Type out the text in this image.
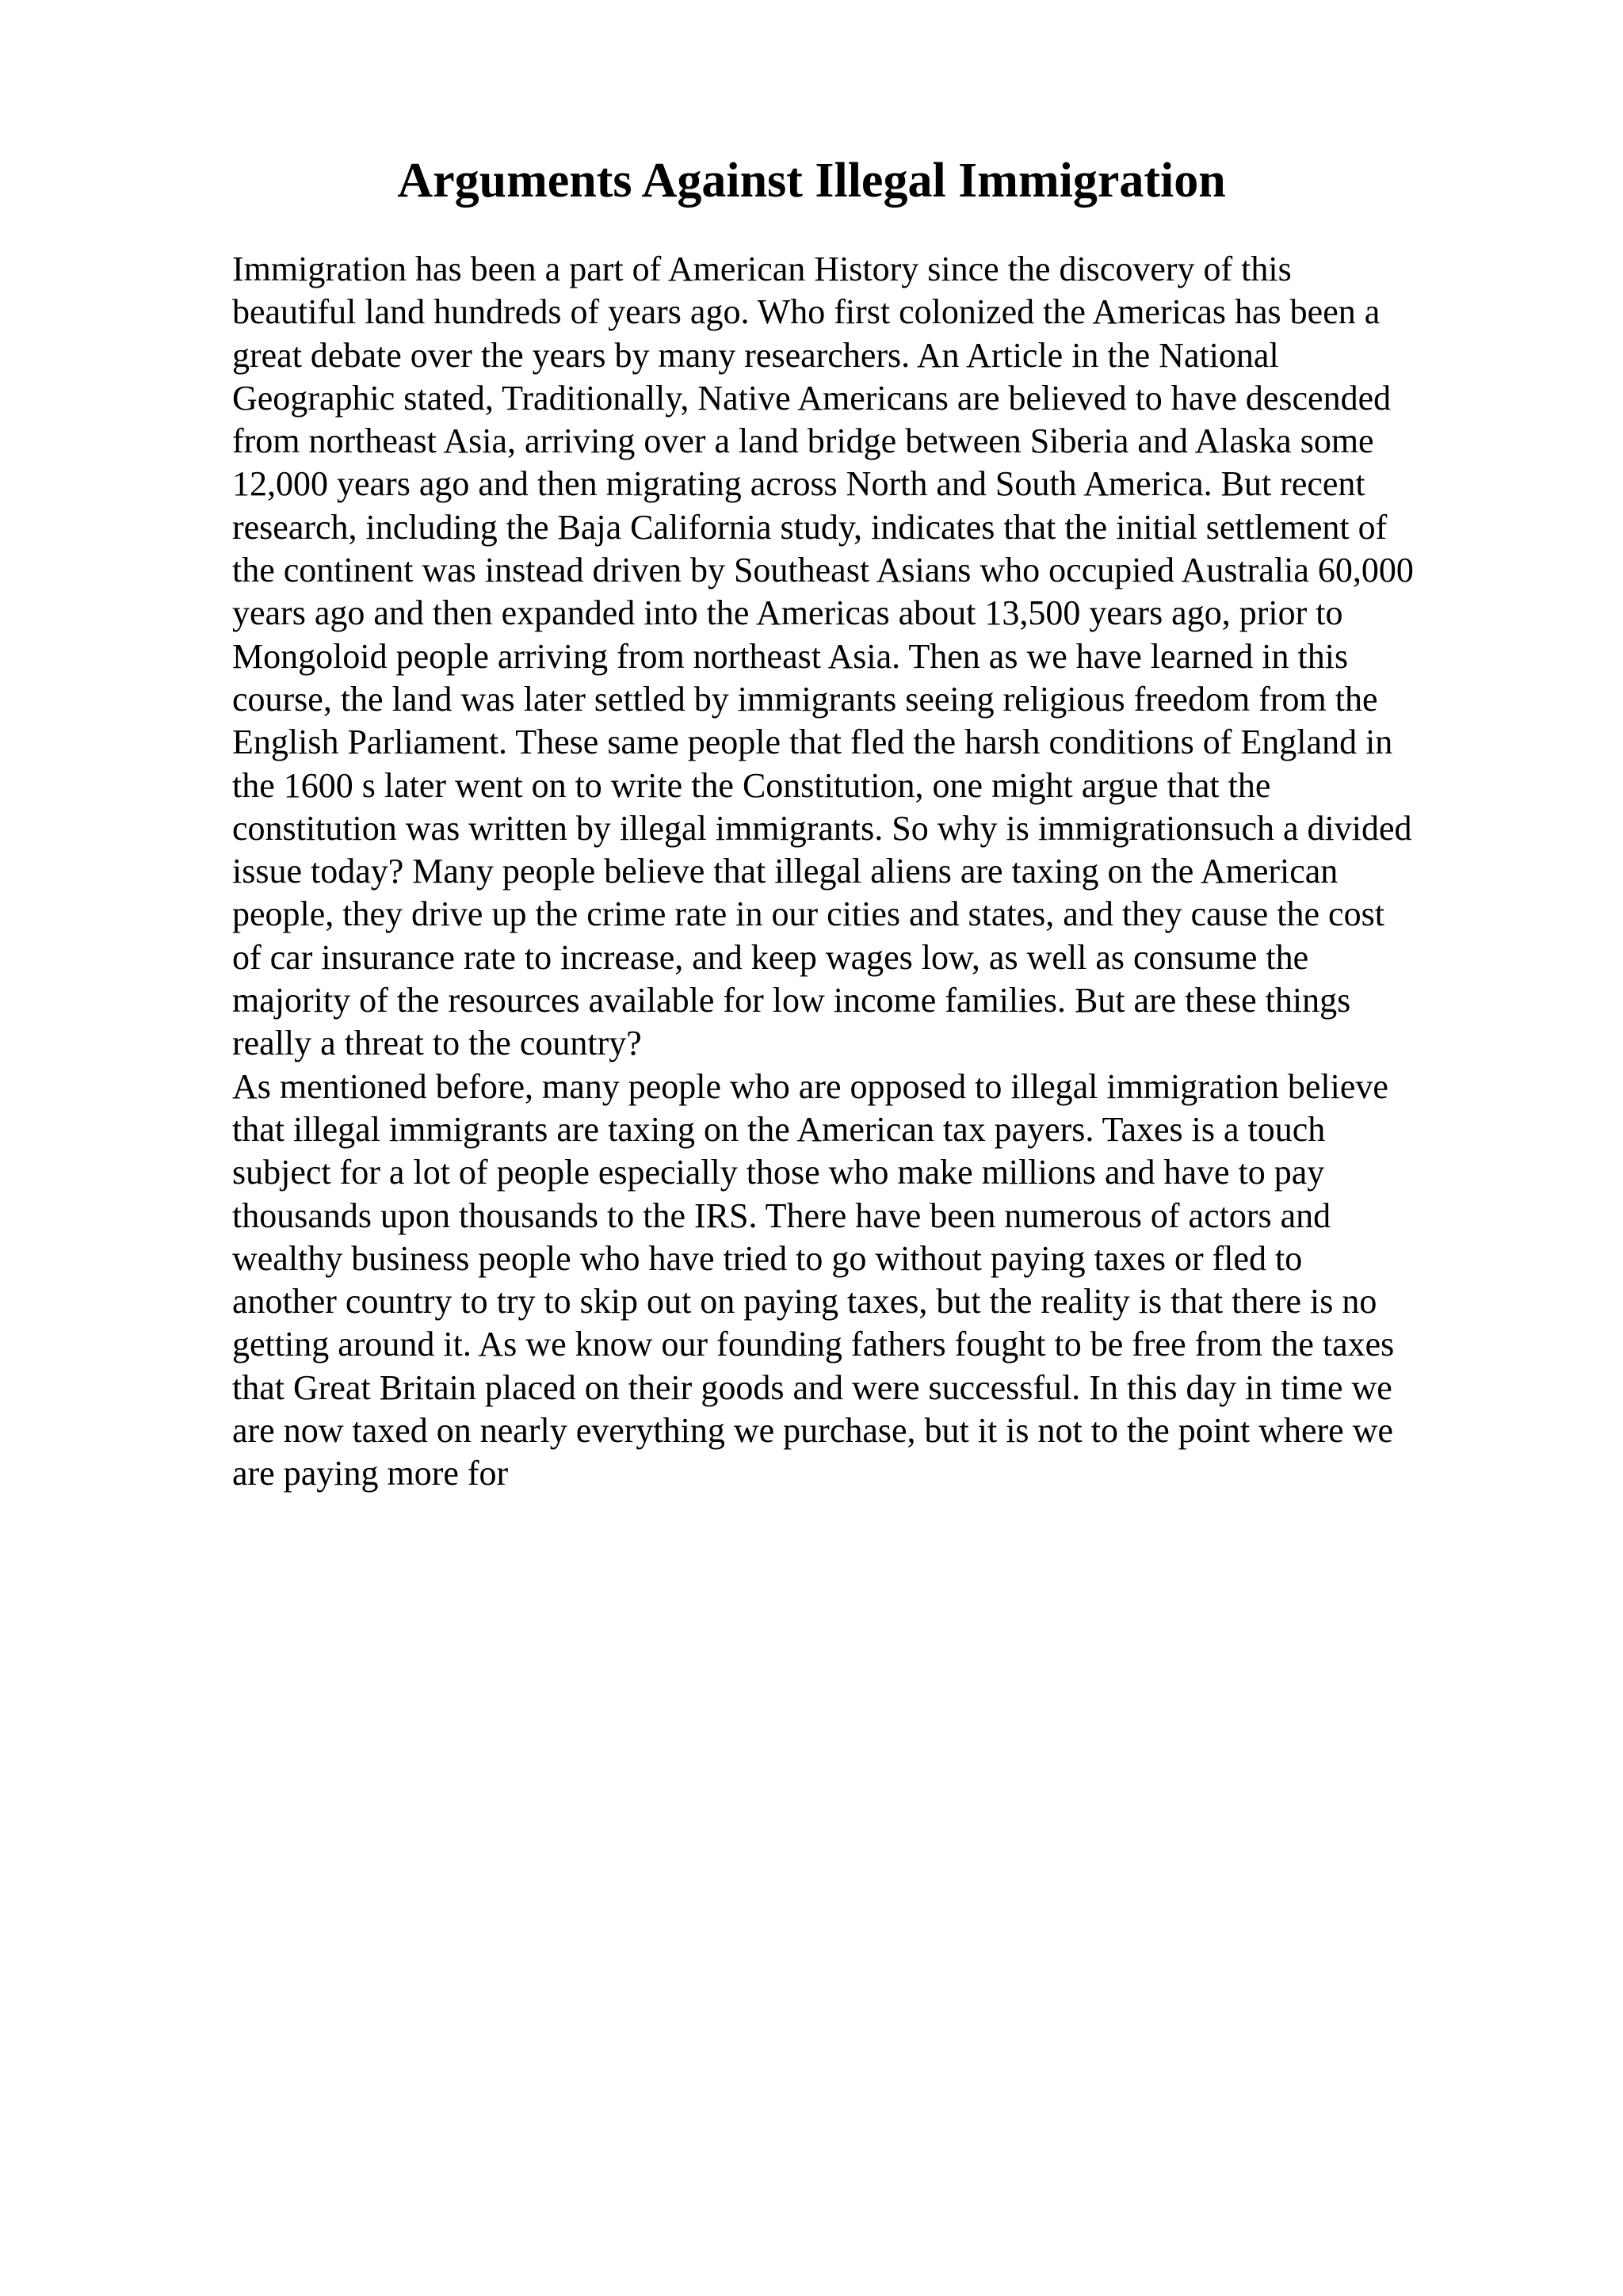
Arguments Against Illegal Immigration
Immigration has been a part of American History since the discovery of this
beautiful land hundreds of years ago. Who first colonized the Americas has been a
great debate over the years by many researchers. An Article in the National
Geographic stated, Traditionally, Native Americans are believed to have descended
from northeast Asia, arriving over a land bridge between Siberia and Alaska some
12,000 years ago and then migrating across North and South America. But recent
research, including the Baja California study, indicates that the initial settlement of
the continent was instead driven by Southeast Asians who occupied Australia 60,000
years ago and then expanded into the Americas about 13,500 years ago, prior to
Mongoloid people arriving from northeast Asia. Then as we have learned in this
course, the land was later settled by immigrants seeing religious freedom from the
English Parliament. These same people that fled the harsh conditions of England in
the 1600 s later went on to write the Constitution, one might argue that the
constitution was written by illegal immigrants. So why is immigrationsuch a divided
issue today? Many people believe that illegal aliens are taxing on the American
people, they drive up the crime rate in our cities and states, and they cause the cost
of car insurance rate to increase, and keep wages low, as well as consume the
majority of the resources available for low income families. But are these things
really a threat to the country?
As mentioned before, many people who are opposed to illegal immigration believe
that illegal immigrants are taxing on the American tax payers. Taxes is a touch
subject for a lot of people especially those who make millions and have to pay
thousands upon thousands to the IRS. There have been numerous of actors and
wealthy business people who have tried to go without paying taxes or fled to
another country to try to skip out on paying taxes, but the reality is that there is no
getting around it. As we know our founding fathers fought to be free from the taxes
that Great Britain placed on their goods and were successful. In this day in time we
are now taxed on nearly everything we purchase, but it is not to the point where we
are paying more for
